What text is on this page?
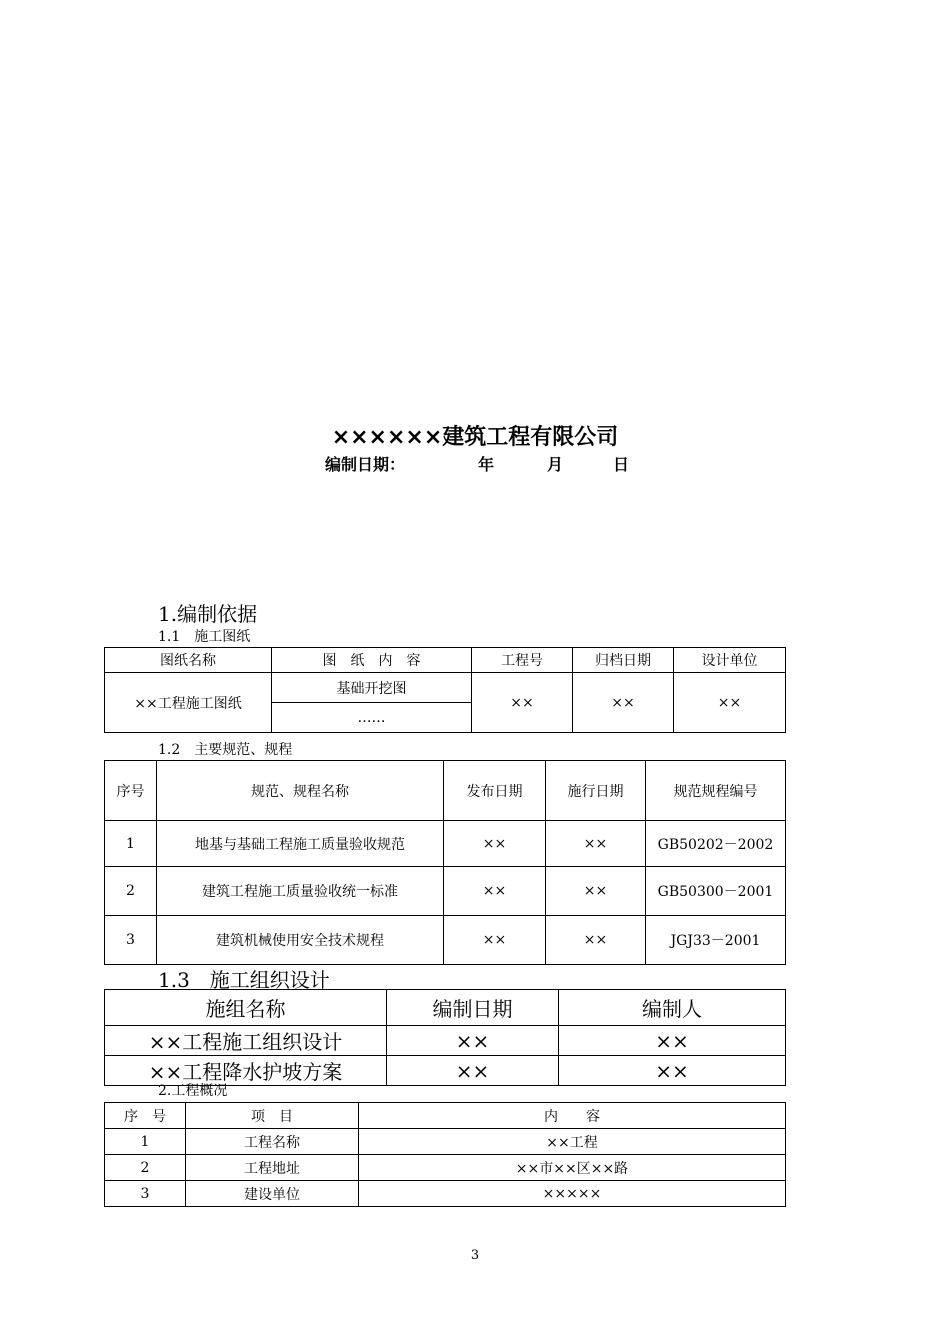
××××××建筑工程有限公司
编制日期：	年	月	日
1.编制依据
1.1　施工图纸
图纸名称	图　纸　内　容	工程号	归档日期	设计单位
××工程施工图纸	基础开挖图	××	××	××
	……			
1.2　主要规范、规程
序号	规范、规程名称	发布日期	施行日期	规范规程编号
1	地基与基础工程施工质量验收规范	××	××	GB50202－2002
2	建筑工程施工质量验收统一标准	××	××	GB50300－2001
3	建筑机械使用安全技术规程	××	××	JGJ33－2001
1.3　施工组织设计
施组名称	编制日期	编制人
××工程施工组织设计	××	××
××工程降水护坡方案	××	××
2.工程概况
序　号	项　目	内　　容
1	工程名称	××工程
2	工程地址	××市××区××路
3	建设单位	×××××
3
